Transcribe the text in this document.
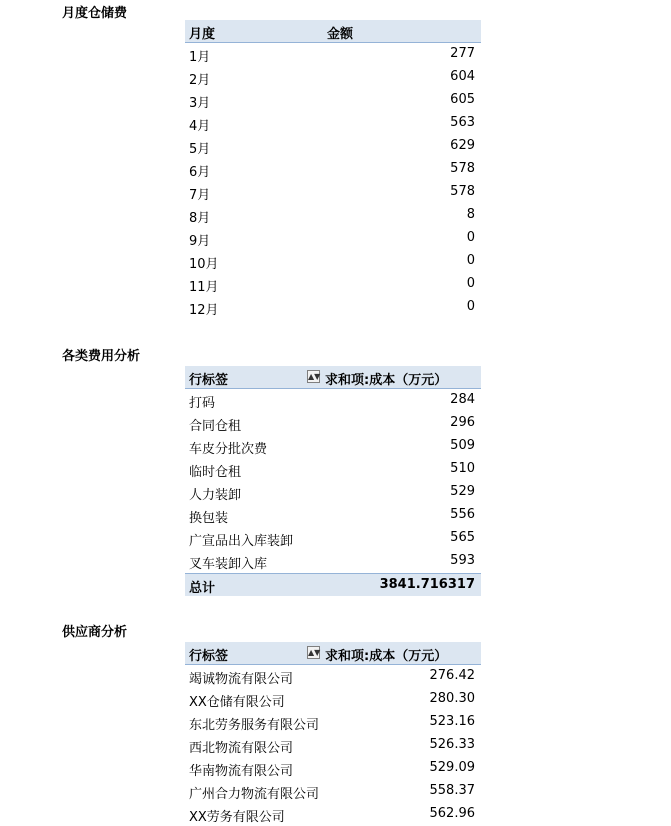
月度仓储费
月度	金额
1月	277
2月	604
3月	605
4月	563
5月	629
6月	578
7月	578
8月	8
9月	0
10月	0
11月	0
12月	0
各类费用分析
行标签	▲▼ 求和项:成本（万元）
打码	284
合同仓租	296
车皮分批次费	509
临时仓租	510
人力装卸	529
换包装	556
广宣品出入库装卸	565
叉车装卸入库	593
总计	3841.716317
供应商分析
行标签	▲▼ 求和项:成本（万元）
竭诚物流有限公司	276.42
XX仓储有限公司	280.30
东北劳务服务有限公司	523.16
西北物流有限公司	526.33
华南物流有限公司	529.09
广州合力物流有限公司	558.37
XX劳务有限公司	562.96
